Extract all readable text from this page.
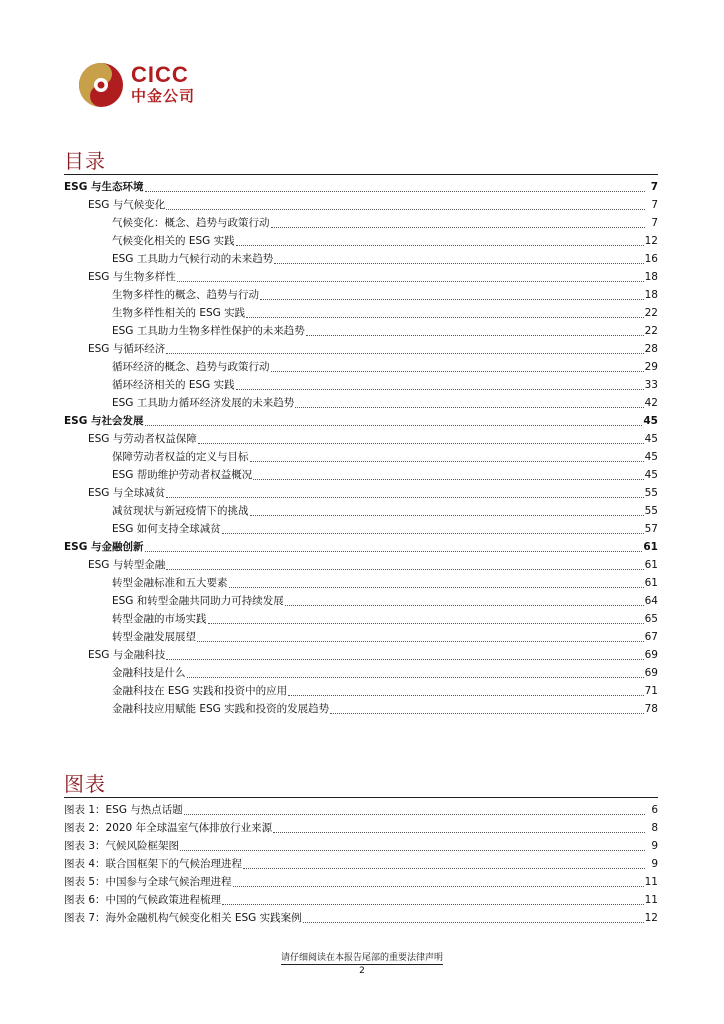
CICC
中金公司
目录
ESG 与生态环境	7
ESG 与气候变化	7
气候变化：概念、趋势与政策行动	7
气候变化相关的 ESG 实践	12
ESG 工具助力气候行动的未来趋势	16
ESG 与生物多样性	18
生物多样性的概念、趋势与行动	18
生物多样性相关的 ESG 实践	22
ESG 工具助力生物多样性保护的未来趋势	22
ESG 与循环经济	28
循环经济的概念、趋势与政策行动	29
循环经济相关的 ESG 实践	33
ESG 工具助力循环经济发展的未来趋势	42
ESG 与社会发展	45
ESG 与劳动者权益保障	45
保障劳动者权益的定义与目标	45
ESG 帮助维护劳动者权益概况	45
ESG 与全球减贫	55
减贫现状与新冠疫情下的挑战	55
ESG 如何支持全球减贫	57
ESG 与金融创新	61
ESG 与转型金融	61
转型金融标准和五大要素	61
ESG 和转型金融共同助力可持续发展	64
转型金融的市场实践	65
转型金融发展展望	67
ESG 与金融科技	69
金融科技是什么	69
金融科技在 ESG 实践和投资中的应用	71
金融科技应用赋能 ESG 实践和投资的发展趋势	78
图表
图表 1：ESG 与热点话题	6
图表 2：2020 年全球温室气体排放行业来源	8
图表 3：气候风险框架图	9
图表 4：联合国框架下的气候治理进程	9
图表 5：中国参与全球气候治理进程	11
图表 6：中国的气候政策进程梳理	11
图表 7：海外金融机构气候变化相关 ESG 实践案例	12
请仔细阅读在本报告尾部的重要法律声明
2
